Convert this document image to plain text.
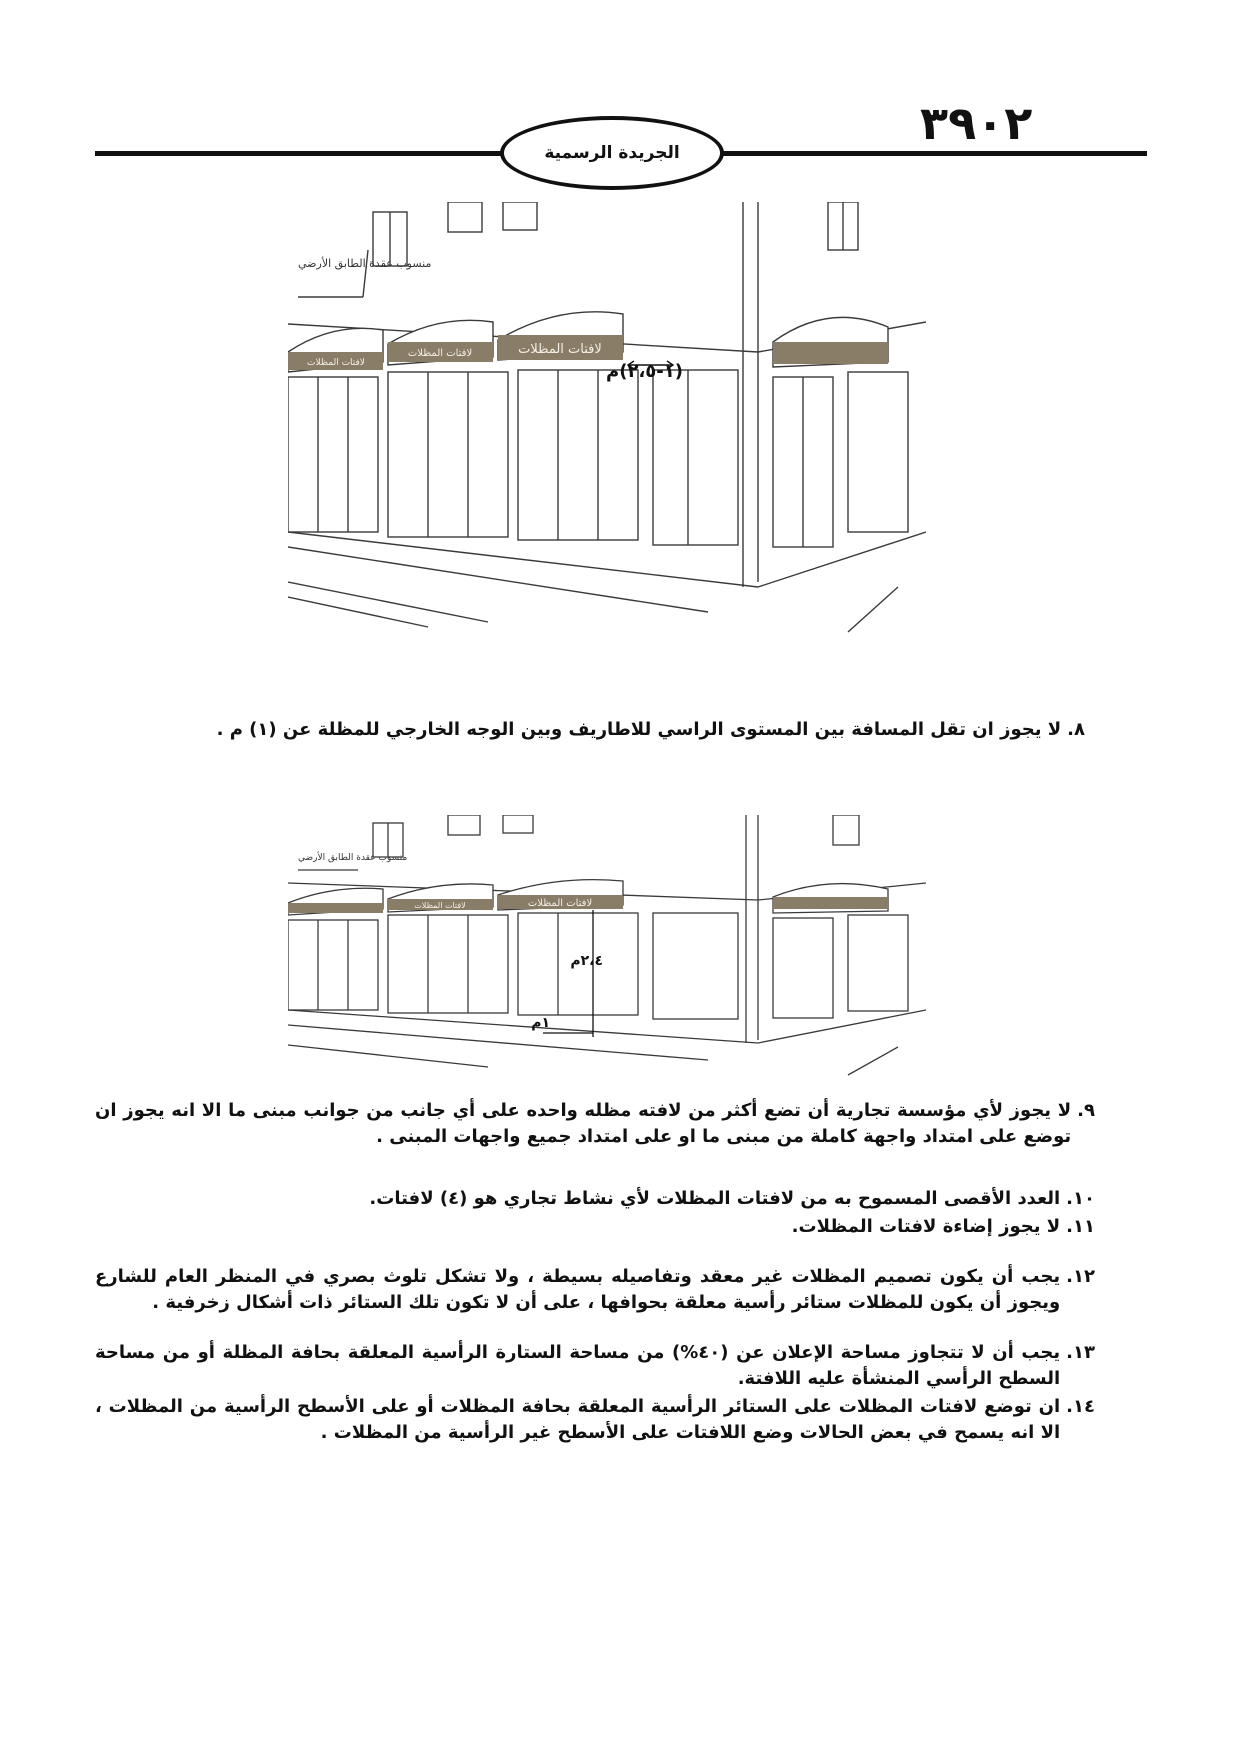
٣٩٠٢
الجريدة الرسمية
لافتات المظلات
لافتات المظلات	لافتات المظلات
منسوب عقدة الطابق الأرضي
(١-٢،٥)م
٨.
لا يجوز ان تقل المسافة بين المستوى الراسي للاطاريف وبين الوجه الخارجي للمظلة عن (١) م .
لافتات المظلات
لافتات المظلات
منسوب عقدة الطابق الأرضي
٢،٤م
١م
٩.
لا يجوز لأي مؤسسة تجارية أن تضع أكثر من لافته مظله واحده على أي جانب من جوانب مبنى ما الا انه يجوز ان توضع على امتداد واجهة كاملة من مبنى ما او على امتداد جميع واجهات المبنى .
١٠.
العدد الأقصى المسموح به من لافتات المظلات لأي نشاط تجاري هو (٤) لافتات.
١١.
لا يجوز إضاءة لافتات المظلات.
١٢.
يجب أن يكون تصميم المظلات غير معقد وتفاصيله بسيطة ، ولا تشكل تلوث بصري في المنظر العام للشارع ويجوز أن يكون للمظلات ستائر رأسية معلقة بحوافها ، على أن لا تكون تلك الستائر ذات أشكال زخرفية .
١٣.
يجب أن لا تتجاوز مساحة الإعلان عن (٤٠%) من مساحة الستارة الرأسية المعلقة بحافة المظلة أو من مساحة السطح الرأسي المنشأة عليه اللافتة.
١٤.
ان توضع لافتات المظلات على الستائر الرأسية المعلقة بحافة المظلات أو على الأسطح الرأسية من المظلات ، الا انه يسمح في بعض الحالات وضع اللافتات على الأسطح غير الرأسية من المظلات .
